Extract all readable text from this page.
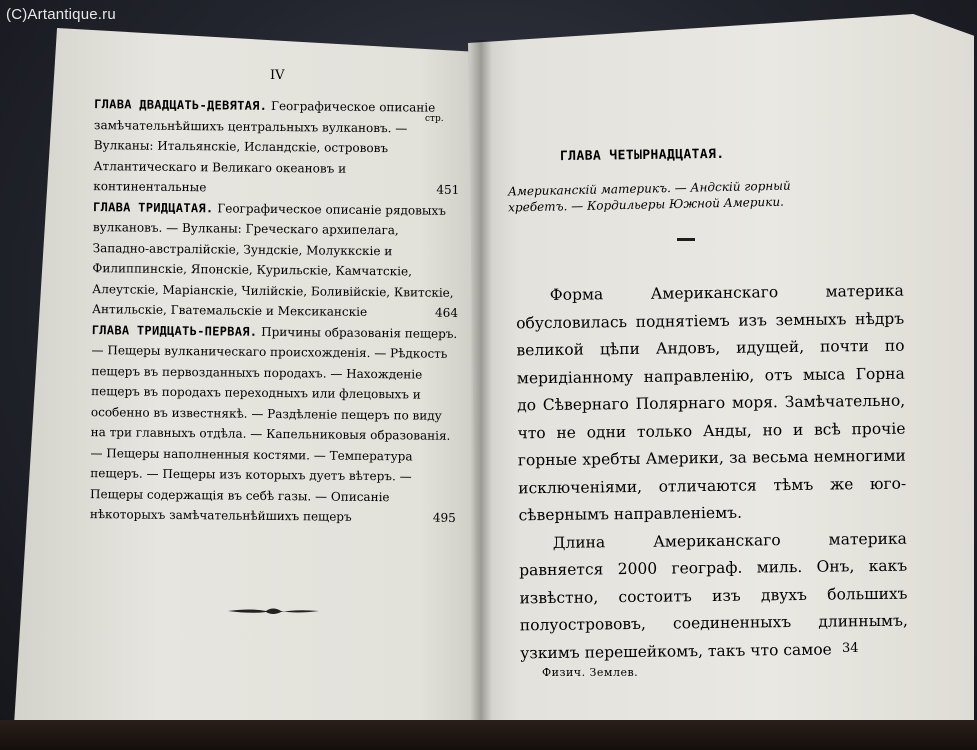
(C)Artantique.ru
IV
стр.

ГЛАВА ДВАДЦАТЬ-ДЕВЯТАЯ. Географическое описаніе замѣчательнѣйшихъ центральныхъ вулкановъ. — Вулканы: Итальянскіе, Исландскіе, острововъ Атлантическаго и Великаго океановъ и континентальные	451

ГЛАВА ТРИДЦАТАЯ. Географическое описаніе рядовыхъ вулкановъ. — Вулканы: Греческаго архипелага, Западно-австралійскіе, Зундскіе, Молуккскіе и Филиппинскіе, Японскіе, Курильскіе, Камчатскіе, Алеутскіе, Маріанскіе, Чилійскіе, Боливійскіе, Квитскіе, Антильскіе, Гватемальскіе и Мексиканскіе	464

ГЛАВА ТРИДЦАТЬ-ПЕРВАЯ. Причины образованія пещеръ. — Пещеры вулканическаго происхожденія. — Рѣдкость пещеръ въ первозданныхъ породахъ. — Нахожденіе пещеръ въ породахъ переходныхъ или флецовыхъ и особенно въ известнякѣ. — Раздѣленіе пещеръ по виду на три главныхъ отдѣла. — Капельниковыя образованія. — Пещеры наполненныя костями. — Температура пещеръ. — Пещеры изъ которыхъ дуетъ вѣтеръ. — Пещеры содержащія въ себѣ газы. — Описаніе нѣкоторыхъ замѣчательнѣйшихъ пещеръ	495

ГЛАВА ЧЕТЫРНАДЦАТАЯ.
Американскій материкъ. — Андскій горный хребетъ. — Кордильеры Южной Америки.

Форма Американскаго материка обусловилась поднятіемъ изъ земныхъ нѣдръ великой цѣпи Андовъ, идущей, почти по меридіанному направленію, отъ мыса Горна до Сѣвернаго Полярнаго моря. Замѣчательно, что не одни только Анды, но и всѣ прочіе горные хребты Америки, за весьма немногими исключеніями, отличаются тѣмъ же юго-сѣвернымъ направленіемъ.

Длина Американскаго материка равняется 2000 географ. миль. Онъ, какъ извѣстно, состоитъ изъ двухъ большихъ полуострововъ, соединенныхъ длиннымъ, узкимъ перешейкомъ, такъ что самое

Физич. Землев.
34
